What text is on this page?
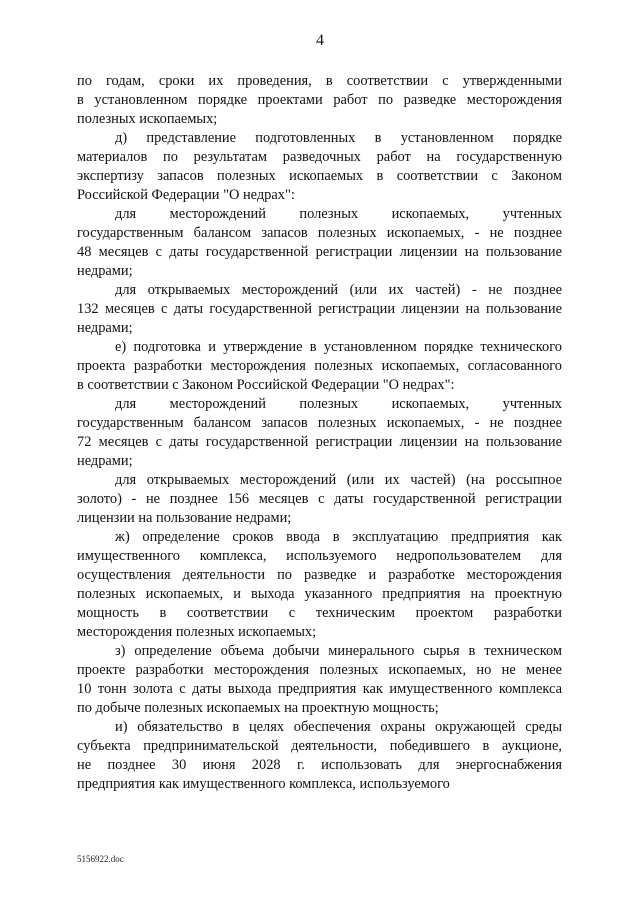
4
по годам, сроки их проведения, в соответствии с утвержденными
в установленном порядке проектами работ по разведке месторождения
полезных ископаемых;
д) представление подготовленных в установленном порядке
материалов по результатам разведочных работ на государственную
экспертизу запасов полезных ископаемых в соответствии с Законом
Российской Федерации "О недрах":
для месторождений полезных ископаемых, учтенных
государственным балансом запасов полезных ископаемых, - не позднее
48 месяцев с даты государственной регистрации лицензии на пользование
недрами;
для открываемых месторождений (или их частей) - не позднее
132 месяцев с даты государственной регистрации лицензии на пользование
недрами;
е) подготовка и утверждение в установленном порядке технического
проекта разработки месторождения полезных ископаемых, согласованного
в соответствии с Законом Российской Федерации "О недрах":
для месторождений полезных ископаемых, учтенных
государственным балансом запасов полезных ископаемых, - не позднее
72 месяцев с даты государственной регистрации лицензии на пользование
недрами;
для открываемых месторождений (или их частей) (на россыпное
золото) - не позднее 156 месяцев с даты государственной регистрации
лицензии на пользование недрами;
ж) определение сроков ввода в эксплуатацию предприятия как
имущественного комплекса, используемого недропользователем для
осуществления деятельности по разведке и разработке месторождения
полезных ископаемых, и выхода указанного предприятия на проектную
мощность в соответствии с техническим проектом разработки
месторождения полезных ископаемых;
з) определение объема добычи минерального сырья в техническом
проекте разработки месторождения полезных ископаемых, но не менее
10 тонн золота с даты выхода предприятия как имущественного комплекса
по добыче полезных ископаемых на проектную мощность;
и) обязательство в целях обеспечения охраны окружающей среды
субъекта предпринимательской деятельности, победившего в аукционе,
не позднее 30 июня 2028 г. использовать для энергоснабжения
предприятия как имущественного комплекса, используемого
5156922.doc
